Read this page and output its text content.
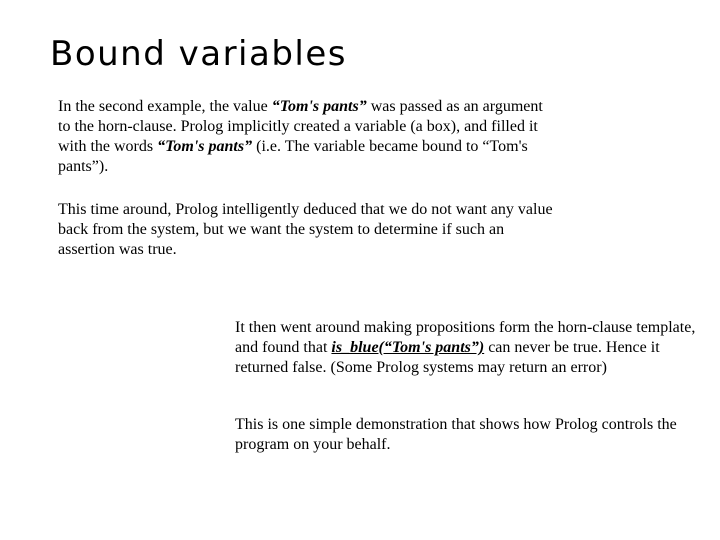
Bound variables

In the second example, the value “Tom's pants” was passed as an argument to the horn-clause. Prolog implicitly created a variable (a box), and filled it with the words “Tom's pants” (i.e. The variable became bound to “Tom's pants”).

This time around, Prolog intelligently deduced that we do not want any value back from the system, but we want the system to determine if such an assertion was true.

It then went around making propositions form the horn-clause template, and found that is_blue(“Tom's pants”) can never be true. Hence it returned false. (Some Prolog systems may return an error)

This is one simple demonstration that shows how Prolog controls the program on your behalf.
